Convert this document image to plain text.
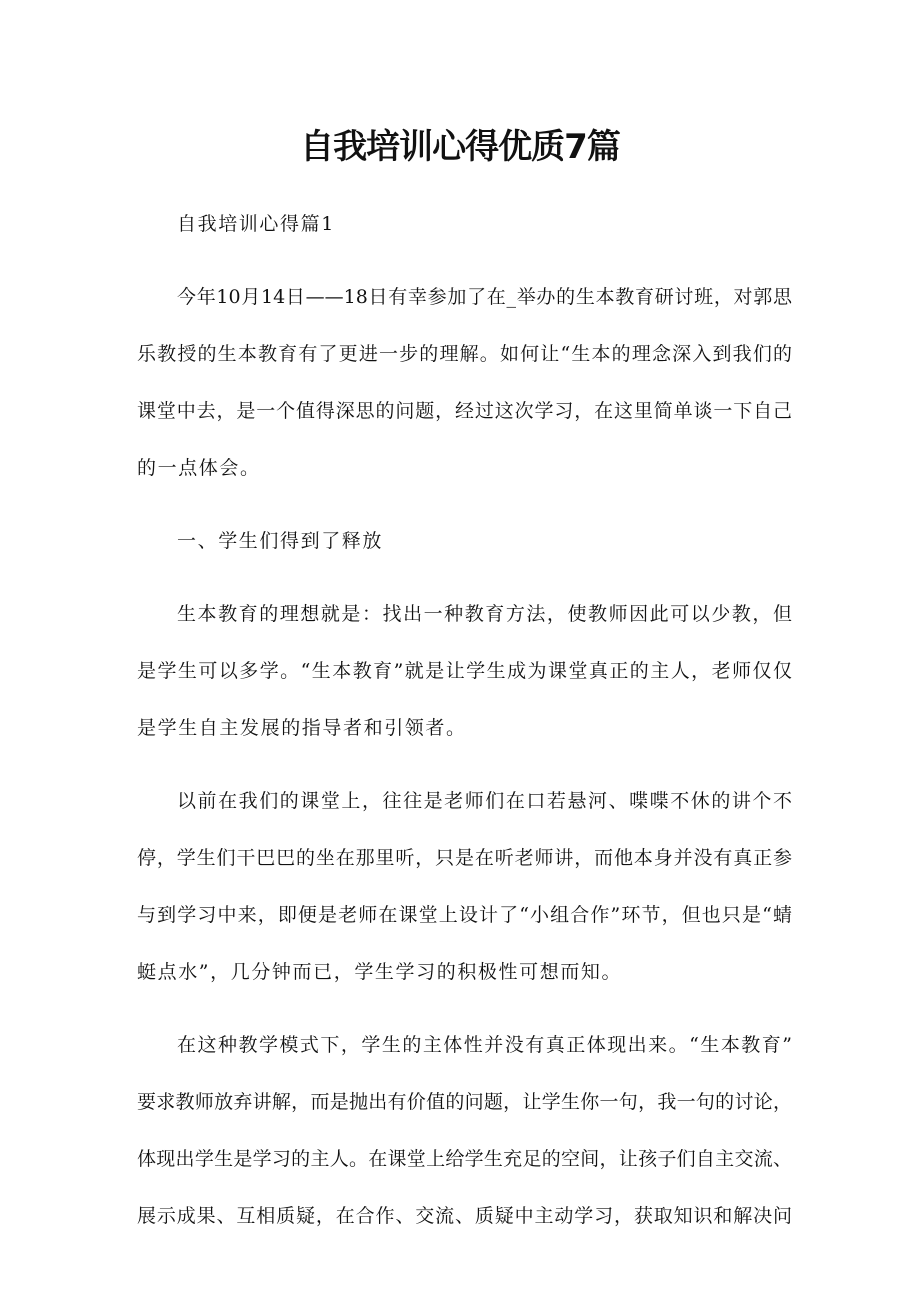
自我培训心得优质7篇

自我培训心得篇1

今年10月14日——18日有幸参加了在_举办的生本教育研讨班，对郭思

乐教授的生本教育有了更进一步的理解。如何让“生本的理念深入到我们的

课堂中去，是一个值得深思的问题，经过这次学习，在这里简单谈一下自己

的一点体会。

一、学生们得到了释放

生本教育的理想就是：找出一种教育方法，使教师因此可以少教，但

是学生可以多学。“生本教育”就是让学生成为课堂真正的主人，老师仅仅

是学生自主发展的指导者和引领者。

以前在我们的课堂上，往往是老师们在口若悬河、喋喋不休的讲个不

停，学生们干巴巴的坐在那里听，只是在听老师讲，而他本身并没有真正参

与到学习中来，即便是老师在课堂上设计了“小组合作”环节，但也只是“蜻

蜓点水”，几分钟而已，学生学习的积极性可想而知。

在这种教学模式下，学生的主体性并没有真正体现出来。“生本教育”

要求教师放弃讲解，而是抛出有价值的问题，让学生你一句，我一句的讨论，

体现出学生是学习的主人。在课堂上给学生充足的空间，让孩子们自主交流、

展示成果、互相质疑，在合作、交流、质疑中主动学习，获取知识和解决问
